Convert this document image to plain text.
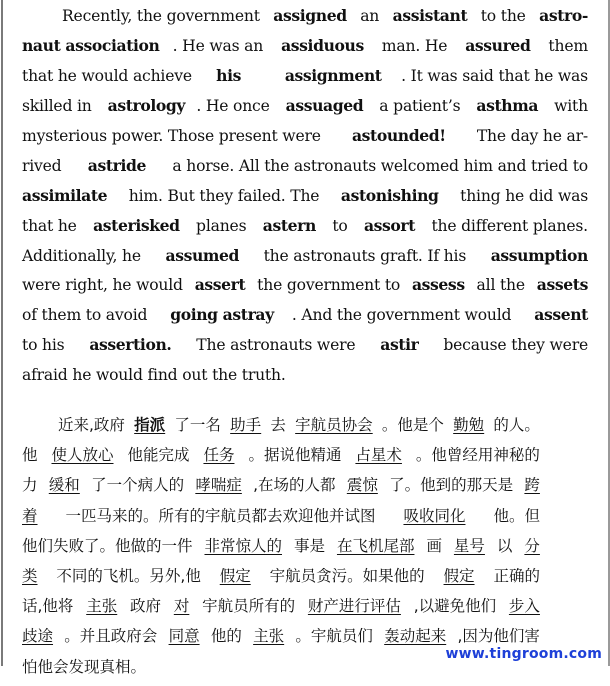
Recently, the government assigned an assistant to the astro-
naut association . He was an assiduous man. He assured them
that he would achieve his
	assignment . It was said that he was
skilled in astrology . He once assuaged a patient’s asthma with
mysterious power. Those present were astounded! The day he ar-
rived astride a horse. All the astronauts welcomed him and tried to
assimilate him. But they failed. The astonishing thing he did was
that he asterisked planes astern to assort the different planes.
Additionally, he assumed the astronauts graft. If his assumption
were right, he would assert the government to assess all the assets
of them to avoid going astray . And the government would assent
to his assertion. The astronauts were astir because they were
afraid he would find out the truth.
近来,政府 指派 了一名 助手 去 宇航员协会 。他是个 勤勉 的人。
他 使人放心 他能完成 任务 。据说他精通 占星术 。他曾经用神秘的
力 缓和 了一个病人的 哮喘症 ,在场的人都 震惊 了。他到的那天是 跨
着 一匹马来的。所有的宇航员都去欢迎他并试图 吸收同化 他。但
他们失败了。他做的一件 非常惊人的 事是 在飞机尾部 画 星号 以 分
类 不同的飞机。另外,他 假定 宇航员贪污。如果他的 假定 正确的
话,他将 主张 政府 对 宇航员所有的 财产进行评估 ,以避免他们 步入
歧途 。并且政府会 同意 他的 主张 。宇航员们 轰动起来 ,因为他们害
怕他会发现真相。
www.tingroom.com
